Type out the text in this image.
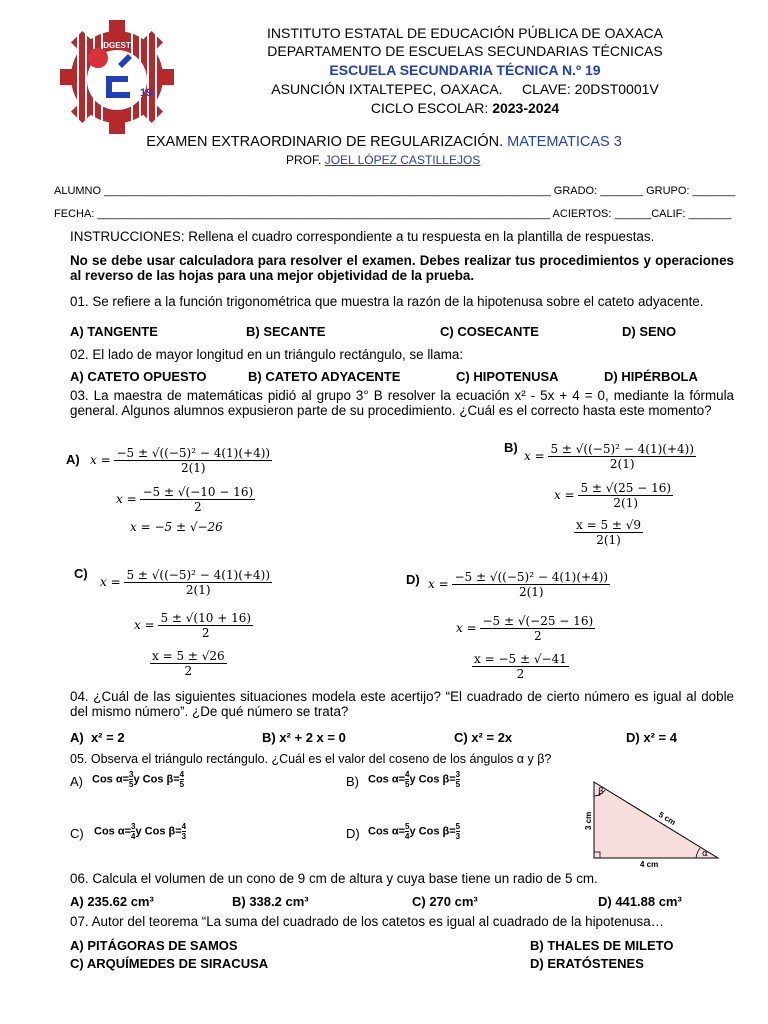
19
DGEST
INSTITUTO ESTATAL DE EDUCACIÓN PÚBLICA DE OAXACA
DEPARTAMENTO DE ESCUELAS SECUNDARIAS TÉCNICAS
ESCUELA SECUNDARIA TÉCNICA N.º 19
ASUNCIÓN IXTALTEPEC, OAXACA.     CLAVE: 20DST0001V
CICLO ESCOLAR: 2023-2024
EXAMEN EXTRAORDINARIO DE REGULARIZACIÓN. MATEMATICAS 3
PROF. JOEL LÓPEZ CASTILLEJOS
ALUMNO _________________________________________________________________________ GRADO: _______ GRUPO: _______
FECHA: __________________________________________________________________________ ACIERTOS: ______CALIF: _______
INSTRUCCIONES: Rellena el cuadro correspondiente a tu respuesta en la plantilla de respuestas.
No se debe usar calculadora para resolver el examen. Debes realizar tus procedimientos y operaciones al reverso de las hojas para una mejor objetividad de la prueba.
01. Se refiere a la función trigonométrica que muestra la razón de la hipotenusa sobre el cateto adyacente.
A) TANGENTE	B) SECANTE	C) COSECANTE	D) SENO
02. El lado de mayor longitud en un triángulo rectángulo, se llama:
A) CATETO OPUESTO	B) CATETO ADYACENTE	C) HIPOTENUSA	D) HIPÉRBOLA
03. La maestra de matemáticas pidió al grupo 3° B resolver la ecuación x² - 5x + 4 = 0, mediante la fórmula general. Algunos alumnos expusieron parte de su procedimiento. ¿Cuál es el correcto hasta este momento?
A) $x = \frac{\text{−5 ± √((−5)² − 4(1)(+4))}}{2(1)}$
$x = \frac{-5 \pm √(-10 - 16)}{2}$
x = −5 ± √−26
B)
$x = \frac{\text{5 ± √((−5)² − 4(1)(+4))}}{2(1)}$
$x = \frac{5 \pm √(25 - 16)}{2(1)}$
$\frac{x = 5 \pm √9}{2(1)}$
C)
$x = \frac{\text{5 ± √((−5)² − 4(1)(+4))}}{2(1)}$
$x = \frac{5 \pm √(10 + 16)}{2}$
$\frac{x = 5 \pm √26}{2}$
D) $x = \frac{\text{−5 ± √((−5)² − 4(1)(+4))}}{2(1)}$
$x = \frac{-5 \pm √(-25 - 16)}{2}$
$\frac{x = -5 \pm √-41}{2}$
04. ¿Cuál de las siguientes situaciones modela este acertijo? “El cuadrado de cierto número es igual al doble del mismo número”. ¿De qué número se trata?
A)  x² = 2	B) x² + 2 x = 0	C) x² = 2x	D) x² = 4
05. Observa el triángulo rectángulo. ¿Cuál es el valor del coseno de los ángulos α y β?
A) Cos $\alpha= \frac{3}{5}y$ Cos $\beta= \frac{4}{5}$	B) Cos $\alpha= \frac{4}{5}y$ Cos $\beta= \frac{3}{5}$
C) Cos $\alpha= \frac{3}{4}y$ Cos $\beta= \frac{4}{3}$	D) Cos $\alpha= \frac{5}{4}y$ Cos $\beta= \frac{5}{3}$
β
α
3 cm	5 cm
4 cm
06. Calcula el volumen de un cono de 9 cm de altura y cuya base tiene un radio de 5 cm.
A) 235.62 cm³	B) 338.2 cm³	C) 270 cm³	D) 441.88 cm³
07. Autor del teorema “La suma del cuadrado de los catetos es igual al cuadrado de la hipotenusa…
A) PITÁGORAS DE SAMOS	B) THALES DE MILETO
C) ARQUÍMEDES DE SIRACUSA	D) ERATÓSTENES
